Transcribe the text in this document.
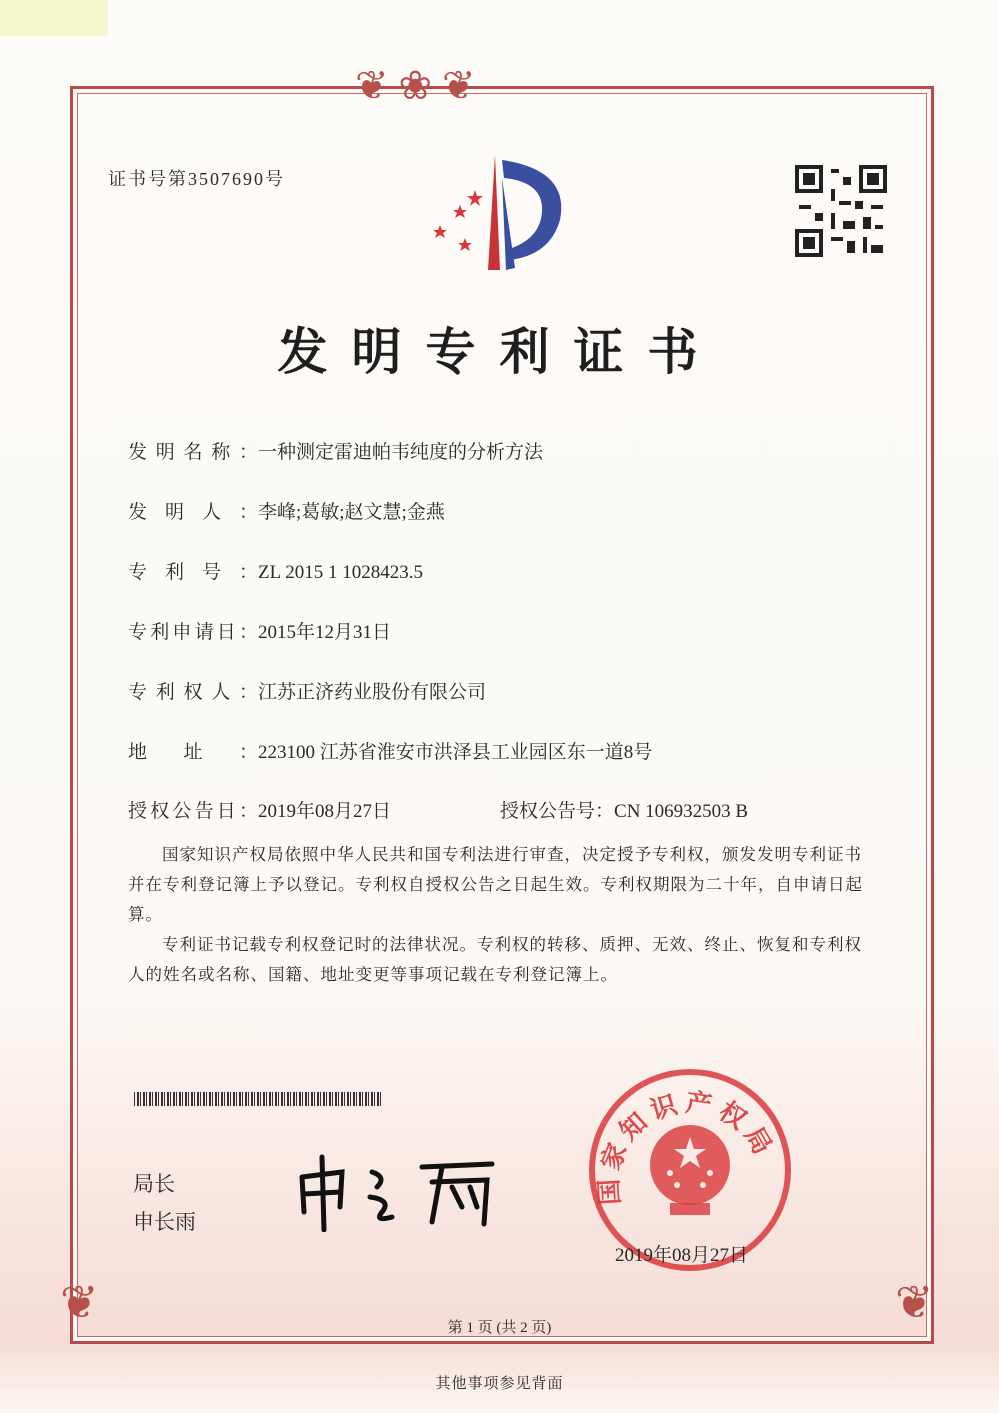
❦❀❦
❦	❦
证书号第3507690号
发明专利证书
发明名称：一种测定雷迪帕韦纯度的分析方法
发明人：李峰;葛敏;赵文慧;金燕
专利号：ZL 2015 1 1028423.5
专利申请日：2015年12月31日
专利权人：江苏正济药业股份有限公司
地址：223100 江苏省淮安市洪泽县工业园区东一道8号
授权公告日：2019年08月27日	授权公告号：CN 106932503 B
国家知识产权局依照中华人民共和国专利法进行审查，决定授予专利权，颁发发明专利证书并在专利登记簿上予以登记。专利权自授权公告之日起生效。专利权期限为二十年，自申请日起算。
专利证书记载专利权登记时的法律状况。专利权的转移、质押、无效、终止、恢复和专利权人的姓名或名称、国籍、地址变更等事项记载在专利登记簿上。
局长
申长雨
国家知识产权局
2019年08月27日
第 1 页 (共 2 页)
其他事项参见背面
